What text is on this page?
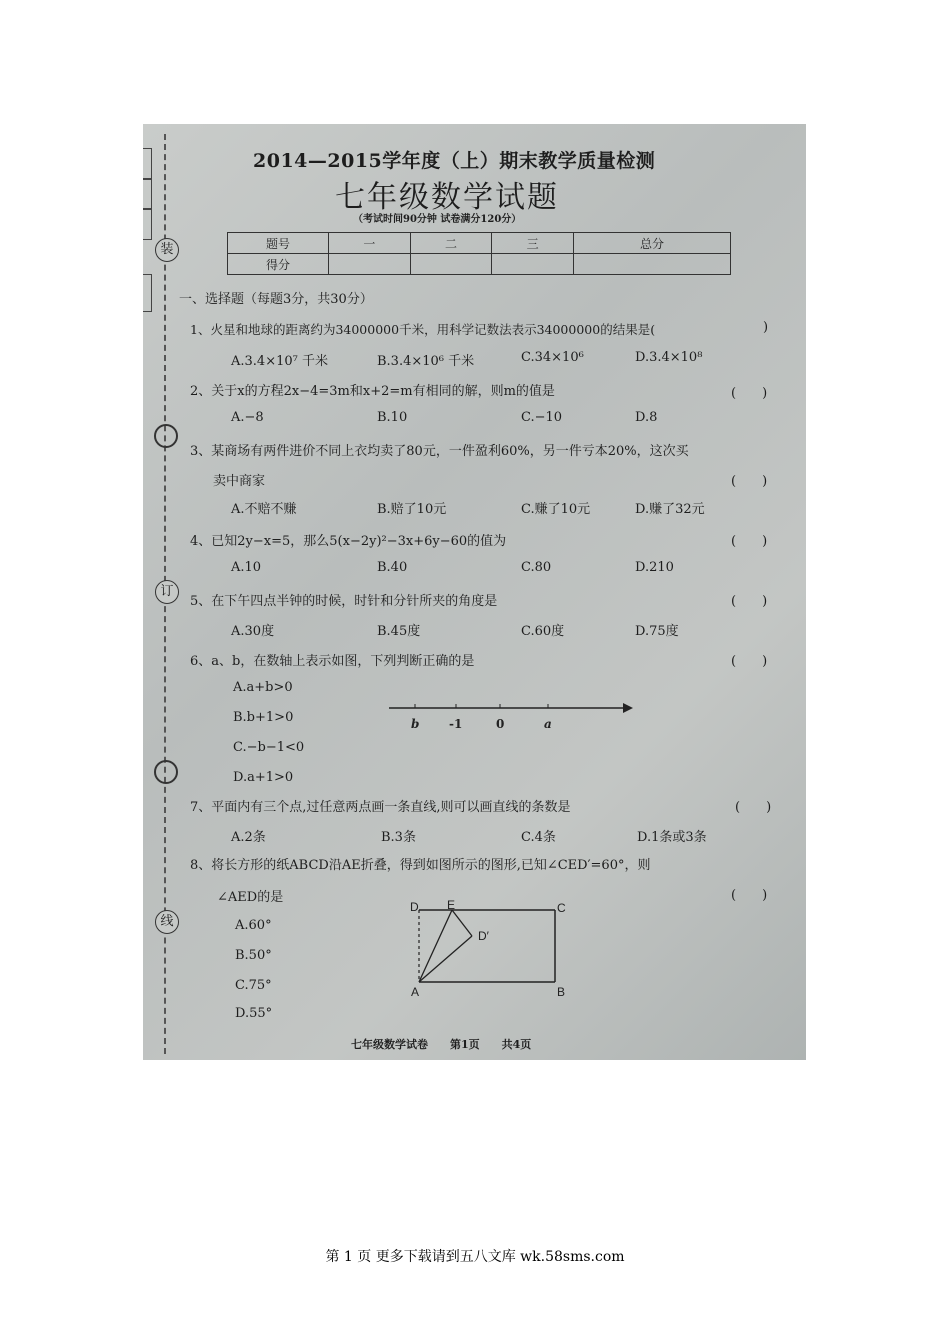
装
订
线
2014—2015学年度（上）期末教学质量检测
七年级数学试题
（考试时间90分钟 试卷满分120分）
题号	一	二	三	总分
得分				
一、选择题（每题3分，共30分）
1、火星和地球的距离约为34000000千米，用科学记数法表示34000000的结果是(	)
A.3.4×10⁷ 千米	B.3.4×10⁶ 千米	C.34×10⁶	D.3.4×10⁸
2、关于x的方程2x−4=3m和x+2=m有相同的解，则m的值是	(　　)
A.−8	B.10	C.−10	D.8
3、某商场有两件进价不同上衣均卖了80元，一件盈利60%，另一件亏本20%，这次买
卖中商家	(　　)
A.不赔不赚	B.赔了10元	C.赚了10元	D.赚了32元
4、已知2y−x=5，那么5(x−2y)²−3x+6y−60的值为	(　　)
A.10	B.40	C.80	D.210
5、在下午四点半钟的时候，时针和分针所夹的角度是	(　　)
A.30度	B.45度	C.60度	D.75度
6、a、b，在数轴上表示如图，下列判断正确的是	(　　)
A.a+b>0
B.b+1>0
C.−b−1<0
D.a+1>0
b -1	0	a
7、平面内有三个点,过任意两点画一条直线,则可以画直线的条数是	(　　)
A.2条	B.3条	C.4条	D.1条或3条
8、将长方形的纸ABCD沿AE折叠，得到如图所示的图形,已知∠CED′=60°，则
∠AED的是	(　　)
A.60°
B.50°
C.75°
D.55°
D E	C
D′
A	B
七年级数学试卷　　第1页　　共4页
第 1 页 更多下载请到五八文库 wk.58sms.com
